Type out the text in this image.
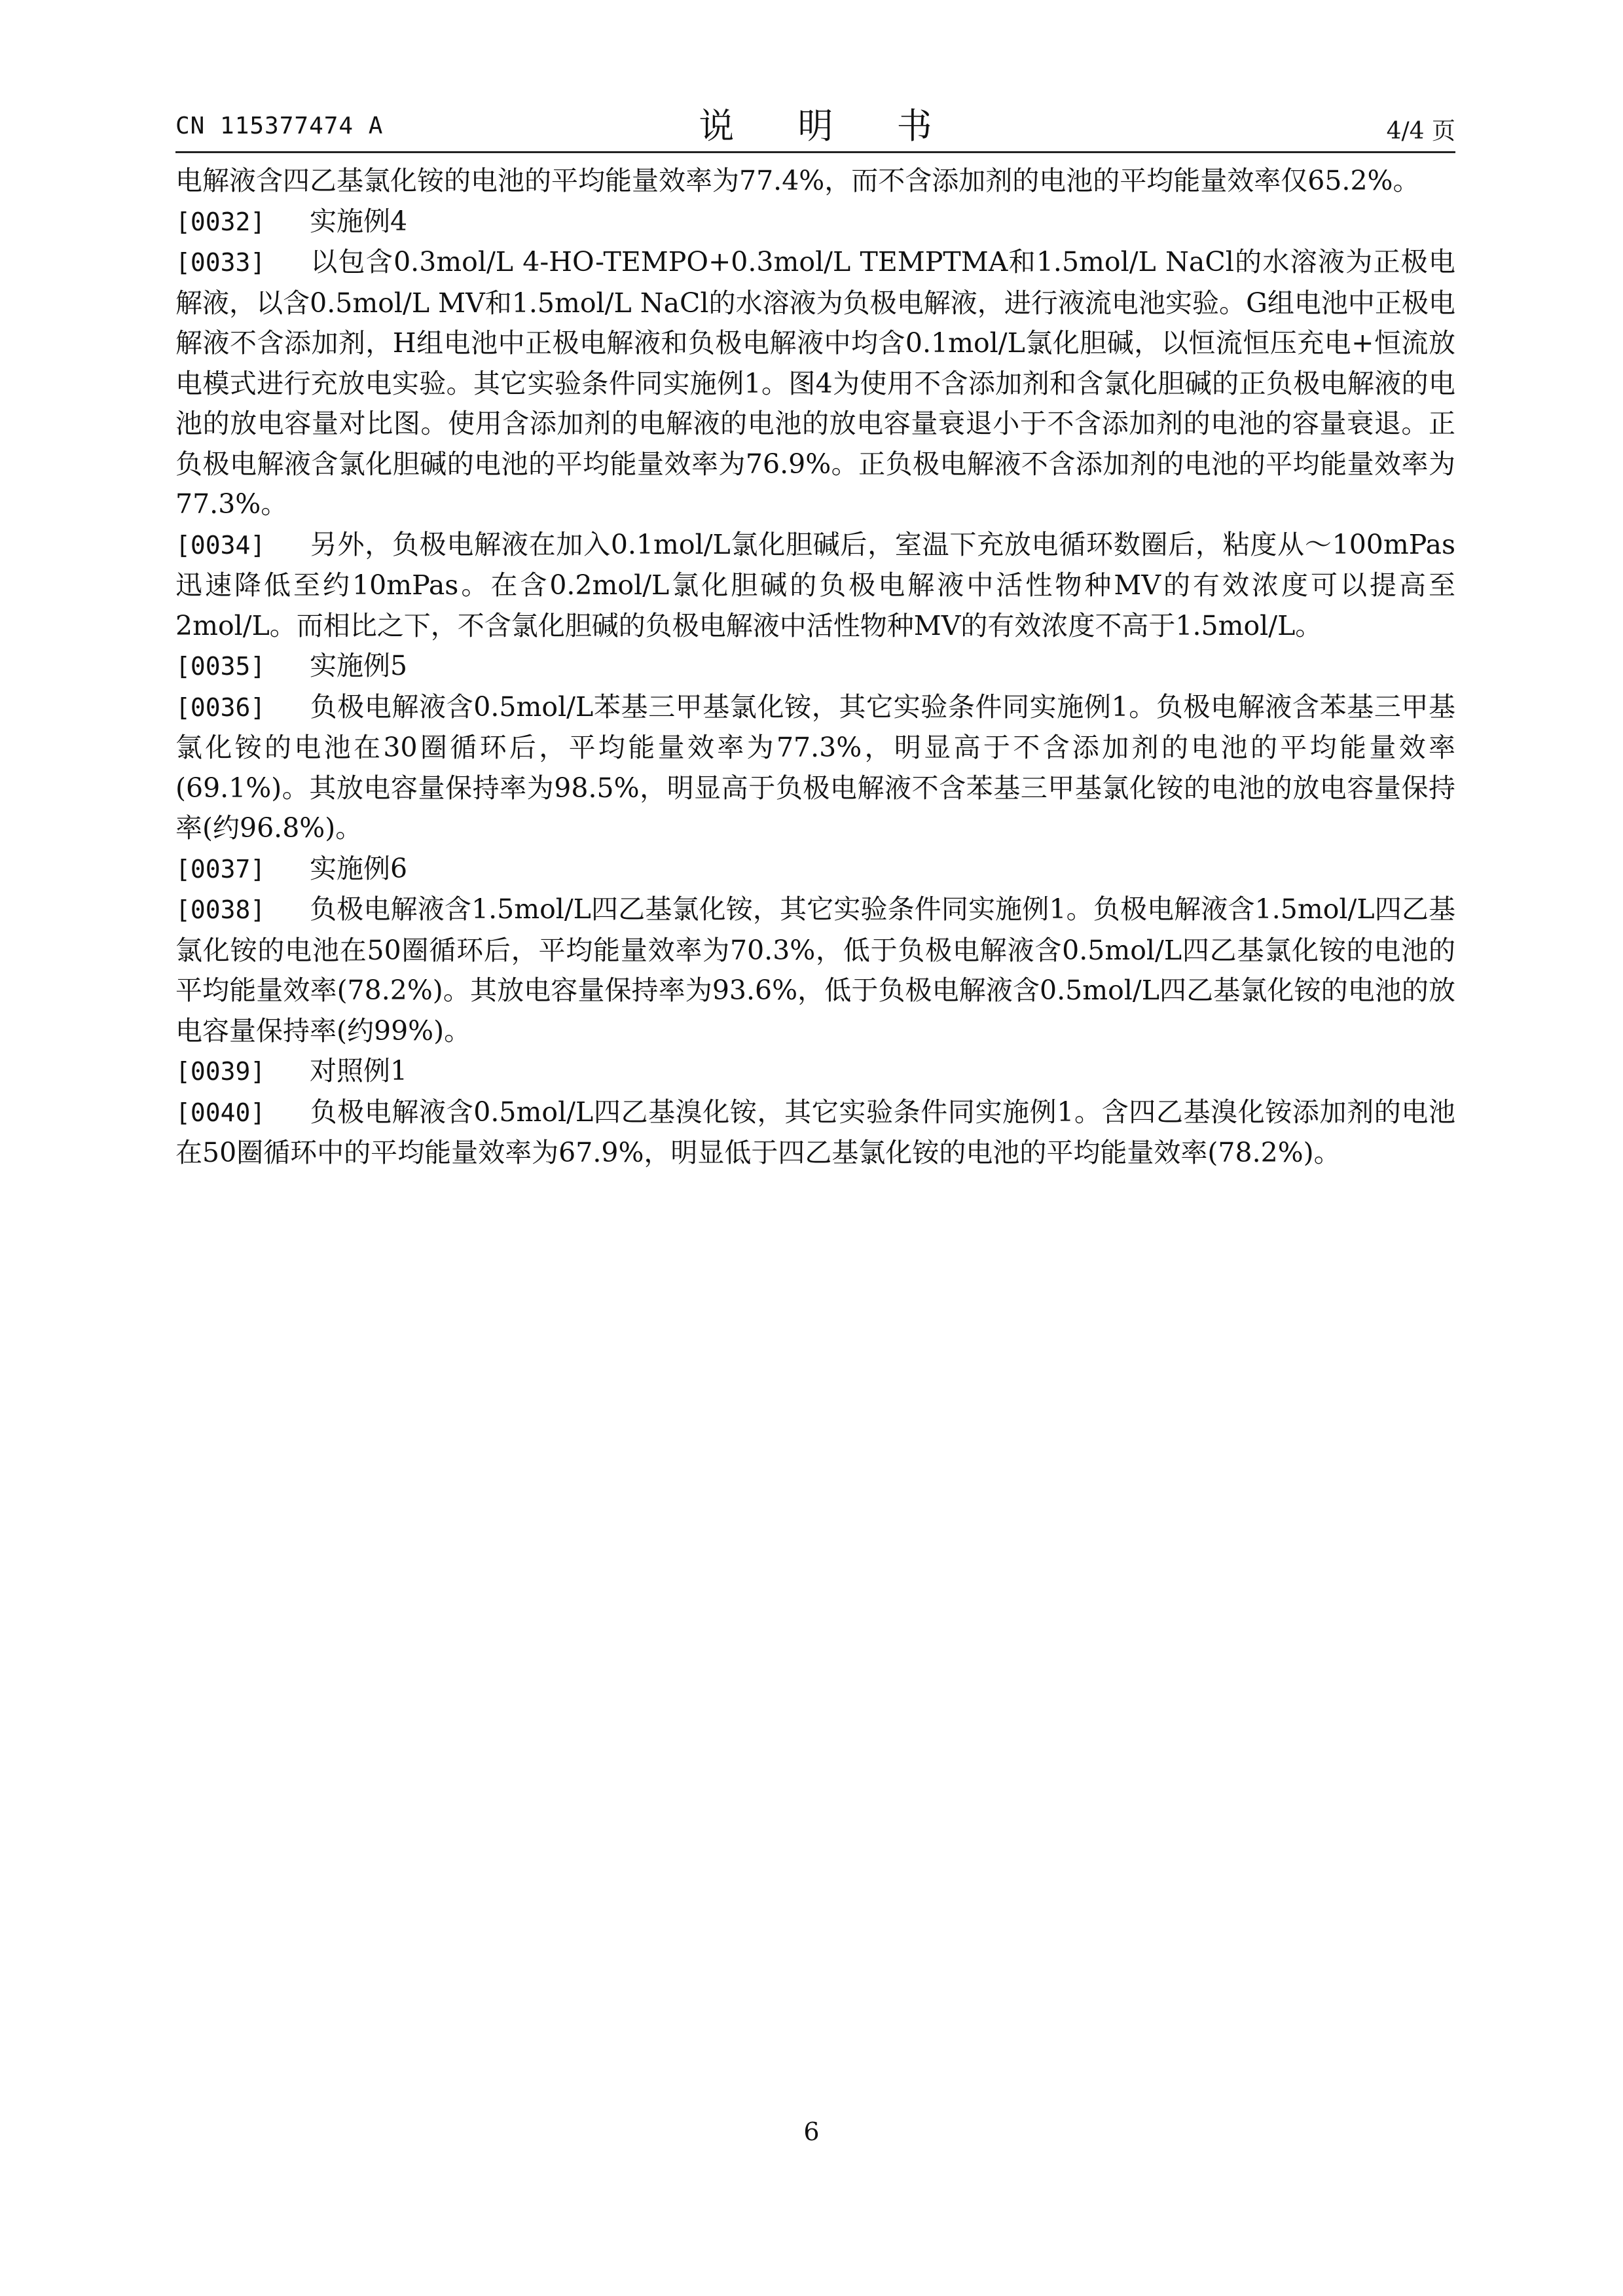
CN 115377474 A	说 明 书	4/4 页

电解液含四乙基氯化铵的电池的平均能量效率为77.4%，而不含添加剂的电池的平均能量效率仅65.2%。

[0032] 实施例4

[0033] 以包含0.3mol/L 4-HO-TEMPO+0.3mol/L TEMPTMA和1.5mol/L NaCl的水溶液为正极电解液，以含0.5mol/L MV和1.5mol/L NaCl的水溶液为负极电解液，进行液流电池实验。G组电池中正极电解液不含添加剂，H组电池中正极电解液和负极电解液中均含0.1mol/L氯化胆碱，以恒流恒压充电+恒流放电模式进行充放电实验。其它实验条件同实施例1。图4为使用不含添加剂和含氯化胆碱的正负极电解液的电池的放电容量对比图。使用含添加剂的电解液的电池的放电容量衰退小于不含添加剂的电池的容量衰退。正负极电解液含氯化胆碱的电池的平均能量效率为76.9%。正负极电解液不含添加剂的电池的平均能量效率为77.3%。

[0034] 另外，负极电解液在加入0.1mol/L氯化胆碱后，室温下充放电循环数圈后，粘度从～100mPas迅速降低至约10mPas。在含0.2mol/L氯化胆碱的负极电解液中活性物种MV的有效浓度可以提高至2mol/L。而相比之下，不含氯化胆碱的负极电解液中活性物种MV的有效浓度不高于1.5mol/L。

[0035] 实施例5

[0036] 负极电解液含0.5mol/L苯基三甲基氯化铵，其它实验条件同实施例1。负极电解液含苯基三甲基氯化铵的电池在30圈循环后，平均能量效率为77.3%，明显高于不含添加剂的电池的平均能量效率(69.1%)。其放电容量保持率为98.5%，明显高于负极电解液不含苯基三甲基氯化铵的电池的放电容量保持率(约96.8%)。

[0037] 实施例6

[0038] 负极电解液含1.5mol/L四乙基氯化铵，其它实验条件同实施例1。负极电解液含1.5mol/L四乙基氯化铵的电池在50圈循环后，平均能量效率为70.3%，低于负极电解液含0.5mol/L四乙基氯化铵的电池的平均能量效率(78.2%)。其放电容量保持率为93.6%，低于负极电解液含0.5mol/L四乙基氯化铵的电池的放电容量保持率(约99%)。

[0039] 对照例1

[0040] 负极电解液含0.5mol/L四乙基溴化铵，其它实验条件同实施例1。含四乙基溴化铵添加剂的电池在50圈循环中的平均能量效率为67.9%，明显低于四乙基氯化铵的电池的平均能量效率(78.2%)。

6
